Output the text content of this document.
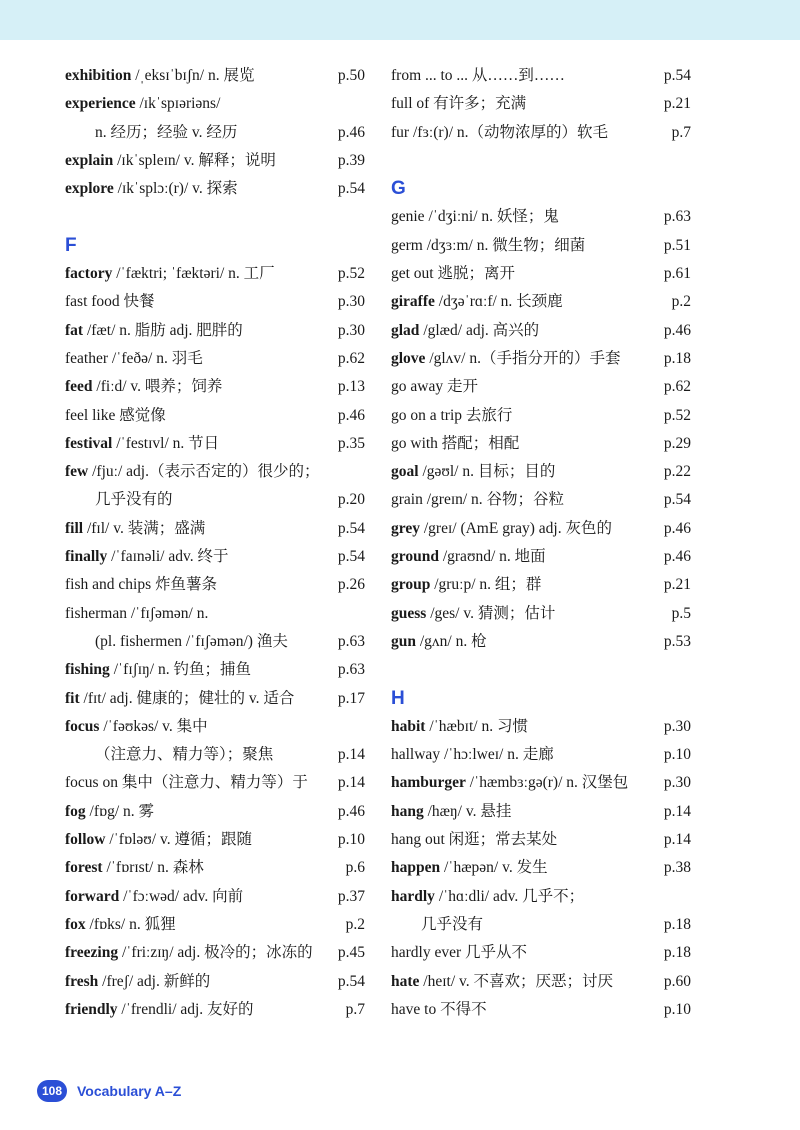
exhibition /ˌeksɪˈbɪʃn/ n. 展览	p.50
experience /ɪkˈspɪəriəns/
n. 经历；经验 v. 经历	p.46
explain /ɪkˈspleɪn/ v. 解释；说明	p.39
explore /ɪkˈsplɔː(r)/ v. 探索	p.54
F
factory /ˈfæktri; ˈfæktəri/ n. 工厂	p.52
fast food 快餐	p.30
fat /fæt/ n. 脂肪 adj. 肥胖的	p.30
feather /ˈfeðə/ n. 羽毛	p.62
feed /fiːd/ v. 喂养；饲养	p.13
feel like 感觉像	p.46
festival /ˈfestɪvl/ n. 节日	p.35
few /fjuː/ adj.（表示否定的）很少的；
几乎没有的	p.20
fill /fɪl/ v. 装满；盛满	p.54
finally /ˈfaɪnəli/ adv. 终于	p.54
fish and chips 炸鱼薯条	p.26
fisherman /ˈfɪʃəmən/ n.
(pl. fishermen /ˈfɪʃəmən/) 渔夫	p.63
fishing /ˈfɪʃɪŋ/ n. 钓鱼；捕鱼	p.63
fit /fɪt/ adj. 健康的；健壮的 v. 适合	p.17
focus /ˈfəʊkəs/ v. 集中
（注意力、精力等）；聚焦	p.14
focus on 集中（注意力、精力等）于 p.14
fog /fɒg/ n. 雾	p.46
follow /ˈfɒləʊ/ v. 遵循；跟随	p.10
forest /ˈfɒrɪst/ n. 森林	p.6
forward /ˈfɔːwəd/ adv. 向前	p.37
fox /fɒks/ n. 狐狸	p.2
freezing /ˈfriːzɪŋ/ adj. 极冷的；冰冻的 p.45
fresh /freʃ/ adj. 新鲜的	p.54
friendly /ˈfrendli/ adj. 友好的	p.7
from ... to ... 从……到……	p.54
full of 有许多；充满	p.21
fur /fɜː(r)/ n.（动物浓厚的）软毛	p.7
G
genie /ˈdʒiːni/ n. 妖怪；鬼	p.63
germ /dʒɜːm/ n. 微生物；细菌	p.51
get out 逃脱；离开	p.61
giraffe /dʒəˈrɑːf/ n. 长颈鹿	p.2
glad /glæd/ adj. 高兴的	p.46
glove /glʌv/ n.（手指分开的）手套	p.18
go away 走开	p.62
go on a trip 去旅行	p.52
go with 搭配；相配	p.29
goal /gəʊl/ n. 目标；目的	p.22
grain /greɪn/ n. 谷物；谷粒	p.54
grey /greɪ/ (AmE gray) adj. 灰色的	p.46
ground /graʊnd/ n. 地面	p.46
group /gruːp/ n. 组；群	p.21
guess /ges/ v. 猜测；估计	p.5
gun /gʌn/ n. 枪	p.53
H
habit /ˈhæbɪt/ n. 习惯	p.30
hallway /ˈhɔːlweɪ/ n. 走廊	p.10
hamburger /ˈhæmbɜːgə(r)/ n. 汉堡包 p.30
hang /hæŋ/ v. 悬挂	p.14
hang out 闲逛；常去某处	p.14
happen /ˈhæpən/ v. 发生	p.38
hardly /ˈhɑːdli/ adv. 几乎不；
几乎没有	p.18
hardly ever 几乎从不	p.18
hate /heɪt/ v. 不喜欢；厌恶；讨厌	p.60
have to 不得不	p.10
108	Vocabulary A–Z
